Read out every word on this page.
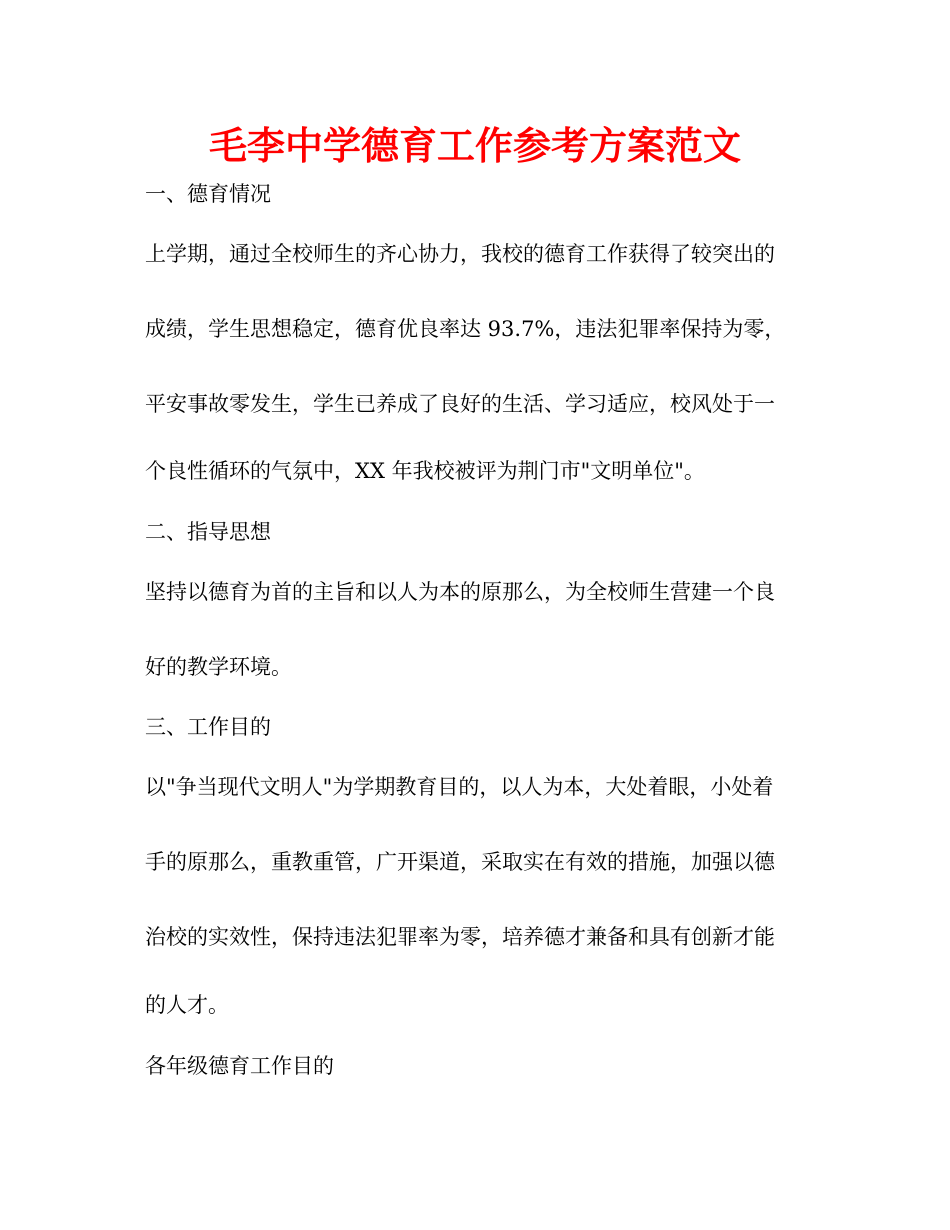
毛李中学德育工作参考方案范文
一、德育情况
上学期，通过全校师生的齐心协力，我校的德育工作获得了较突出的
成绩，学生思想稳定，德育优良率达 93.7%，违法犯罪率保持为零，
平安事故零发生，学生已养成了良好的生活、学习适应，校风处于一
个良性循环的气氛中，XX 年我校被评为荆门市"文明单位"。
二、指导思想
坚持以德育为首的主旨和以人为本的原那么，为全校师生营建一个良
好的教学环境。
三、工作目的
以"争当现代文明人"为学期教育目的，以人为本，大处着眼，小处着
手的原那么，重教重管，广开渠道，采取实在有效的措施，加强以德
治校的实效性，保持违法犯罪率为零，培养德才兼备和具有创新才能
的人才。
各年级德育工作目的
